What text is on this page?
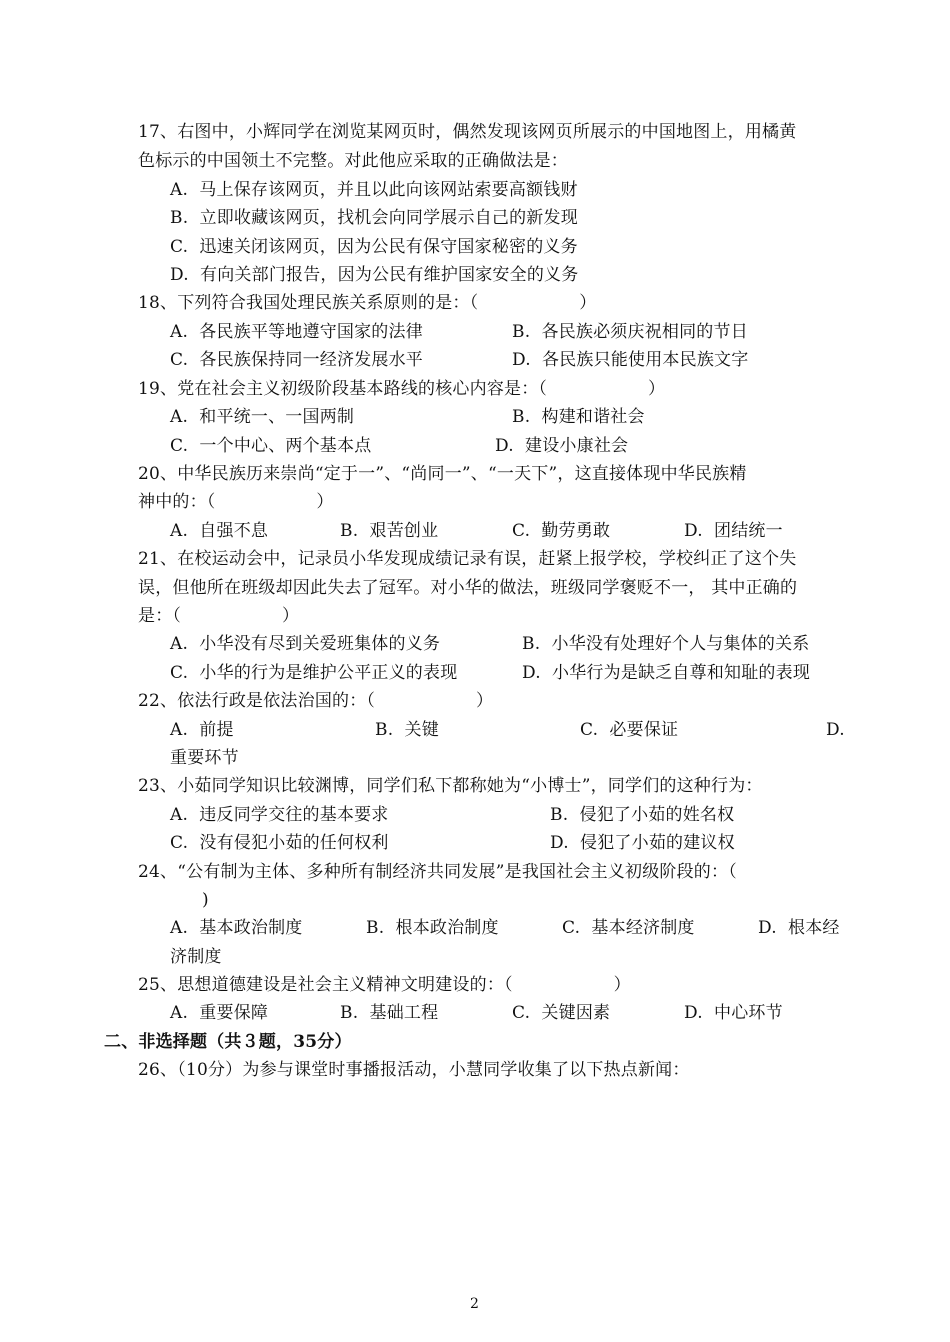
17、右图中，小辉同学在浏览某网页时，偶然发现该网页所展示的中国地图上，用橘黄
色标示的中国领土不完整。对此他应采取的正确做法是：
A.  马上保存该网页，并且以此向该网站索要高额钱财
B.  立即收藏该网页，找机会向同学展示自己的新发现
C.  迅速关闭该网页，因为公民有保守国家秘密的义务
D.  有向关部门报告，因为公民有维护国家安全的义务
18、下列符合我国处理民族关系原则的是：（                  ）
A.  各民族平等地遵守国家的法律	B.  各民族必须庆祝相同的节日
C.  各民族保持同一经济发展水平	D.  各民族只能使用本民族文字
19、党在社会主义初级阶段基本路线的核心内容是：（                  ）
A.  和平统一、一国两制	B.  构建和谐社会
C.  一个中心、两个基本点	D.  建设小康社会
20、中华民族历来崇尚“定于一”、“尚同一”、“一天下”，这直接体现中华民族精
神中的：（                  ）
A.  自强不息	B.  艰苦创业	C.  勤劳勇敢	D.  团结统一
21、在校运动会中，记录员小华发现成绩记录有误，赶紧上报学校，学校纠正了这个失
误，但他所在班级却因此失去了冠军。对小华的做法，班级同学褒贬不一， 其中正确的
是：（                  ）
A.  小华没有尽到关爱班集体的义务	B.  小华没有处理好个人与集体的关系
C.  小华的行为是维护公平正义的表现	D.  小华行为是缺乏自尊和知耻的表现
22、依法行政是依法治国的：（                  ）
A.  前提	B.  关键	C.  必要保证	D.
重要环节
23、小茹同学知识比较渊博，同学们私下都称她为“小博士”，同学们的这种行为：
A.  违反同学交往的基本要求	B.  侵犯了小茹的姓名权
C.  没有侵犯小茹的任何权利	D.  侵犯了小茹的建议权
24、“公有制为主体、多种所有制经济共同发展”是我国社会主义初级阶段的：（
)
A.  基本政治制度	B.  根本政治制度	C.  基本经济制度	D.  根本经
济制度
25、思想道德建设是社会主义精神文明建设的：（                  ）
A.  重要保障	B.  基础工程	C.  关键因素	D.  中心环节
二、非选择题（共３题，35分）
26、（10分）为参与课堂时事播报活动，小慧同学收集了以下热点新闻：
2
